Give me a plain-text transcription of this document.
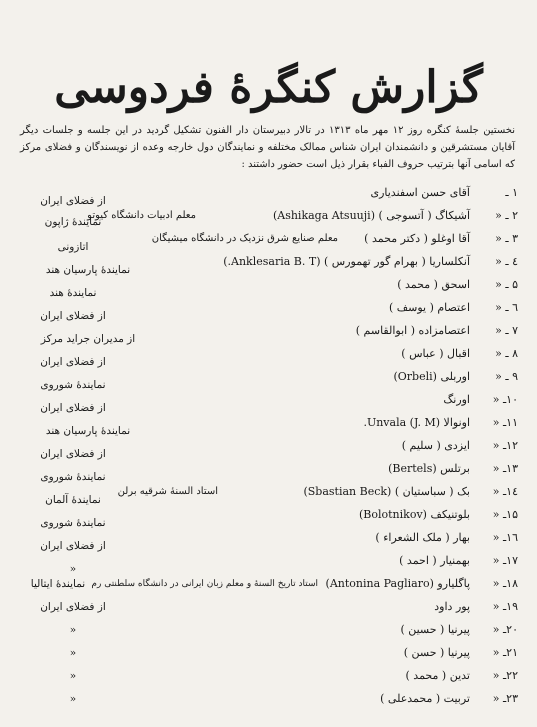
گزارش کنگرهٔ فردوسی
نخستین جلسهٔ کنگره روز ۱۲ مهر ماه ۱۳۱۳ در تالار دبیرستان دار الفنون تشکیل گردید در این جلسه و جلسات دیگر آقایان مستشرقین و دانشمندان ایران شناس ممالک مختلفه و نمایندگان دول خارجه وعده از نویسندگان و فضلای مرکز که اسامی آنها بترتیب حروف الفباء بقرار ذیل است حضور داشتند :
۱ ـ
آقای حسن اسفندیاری
از فضلای ایران
۲ ـ «
آشیکاگ ( آتسوجی ) (Ashikaga Atsuuji)
معلم ادبیات دانشگاه کیوتو
نمایندهٔ ژاپون
۳ ـ «
آقا اوغلو ( دکتر محمد )
معلم صنایع شرق نزدیک در دانشگاه میشیگان
اتازونی
٤ ـ «
آنکلساریا ( بهرام گور تهمورس ) (Anklesaria B. T.)
نمایندهٔ پارسیان هند
۵ ـ «
اسحق ( محمد )
نمایندهٔ هند
٦ ـ «
اعتصام ( یوسف )
از فضلای ایران
۷ ـ «
اعتصامزاده ( ابوالقاسم )
از مدیران جراید مرکز
۸ ـ «
اقبال ( عباس )
از فضلای ایران
۹ ـ «
اوربلی (Orbeli)
نمایندهٔ شوروی
۱۰ـ «
اورنگ
از فضلای ایران
۱۱ـ «
اونوالا (Unvala (J. M.
نمایندهٔ پارسیان هند
۱۲ـ «
ایزدی ( سلیم )
از فضلای ایران
۱۳ـ «
برتلس (Bertels)
نمایندهٔ شوروی
۱٤ـ «
بک ( سباستیان ) (Sbastian Beck)
استاد السنهٔ شرقیه برلن
نمایندهٔ آلمان
۱۵ـ «
بلوتنیکف (Bolotnikov)
نمایندهٔ شوروی
۱٦ـ «
بهار ( ملک الشعراء )
از فضلای ایران
۱۷ـ «
بهمنیار ( احمد )
«
۱۸ـ «
پاگلیارو (Antonina Pagliaro)
استاد تاریخ السنهٔ و معلم زبان ایرانی در دانشگاه سلطنتی رم
نمایندهٔ ایتالیا
۱۹ـ «
پور داود
از فضلای ایران
۲۰ـ «
پیرنیا ( حسین )
«
۲۱ـ «
پیرنیا ( حسن )
«
۲۲ـ «
تدین ( محمد )
«
۲۳ـ «
تربیت ( محمدعلی )
«
